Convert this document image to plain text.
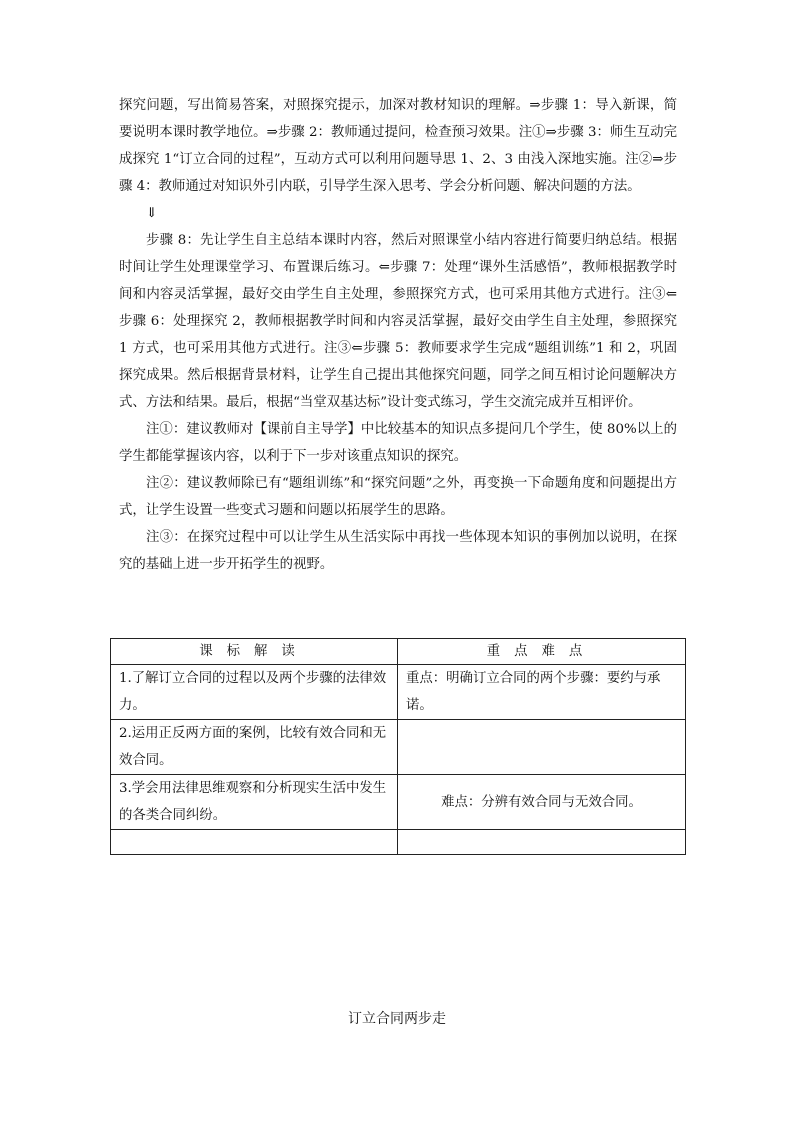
探究问题，写出简易答案，对照探究提示，加深对教材知识的理解。⇒步骤 1：导入新课，简要说明本课时教学地位。⇒步骤 2：教师通过提问，检查预习效果。注①⇒步骤 3：师生互动完成探究 1“订立合同的过程”，互动方式可以利用问题导思 1、2、3 由浅入深地实施。注②⇒步骤 4：教师通过对知识外引内联，引导学生深入思考、学会分析问题、解决问题的方法。

⇓

步骤 8：先让学生自主总结本课时内容，然后对照课堂小结内容进行简要归纳总结。根据时间让学生处理课堂学习、布置课后练习。⇐步骤 7：处理“课外生活感悟”，教师根据教学时间和内容灵活掌握，最好交由学生自主处理，参照探究方式，也可采用其他方式进行。注③⇐步骤 6：处理探究 2，教师根据教学时间和内容灵活掌握，最好交由学生自主处理，参照探究 1 方式，也可采用其他方式进行。注③⇐步骤 5：教师要求学生完成“题组训练”1 和 2，巩固探究成果。然后根据背景材料，让学生自己提出其他探究问题，同学之间互相讨论问题解决方式、方法和结果。最后，根据“当堂双基达标”设计变式练习，学生交流完成并互相评价。

注①：建议教师对【课前自主导学】中比较基本的知识点多提问几个学生，使 80%以上的学生都能掌握该内容，以利于下一步对该重点知识的探究。

注②：建议教师除已有“题组训练”和“探究问题”之外，再变换一下命题角度和问题提出方式，让学生设置一些变式习题和问题以拓展学生的思路。

注③：在探究过程中可以让学生从生活实际中再找一些体现本知识的事例加以说明，在探究的基础上进一步开拓学生的视野。

课标解读	重点难点
1.了解订立合同的过程以及两个步骤的法律效力。	重点：明确订立合同的两个步骤：要约与承诺。
2.运用正反两方面的案例，比较有效合同和无效合同。	
3.学会用法律思维观察和分析现实生活中发生的各类合同纠纷。	难点：分辨有效合同与无效合同。

订立合同两步走
